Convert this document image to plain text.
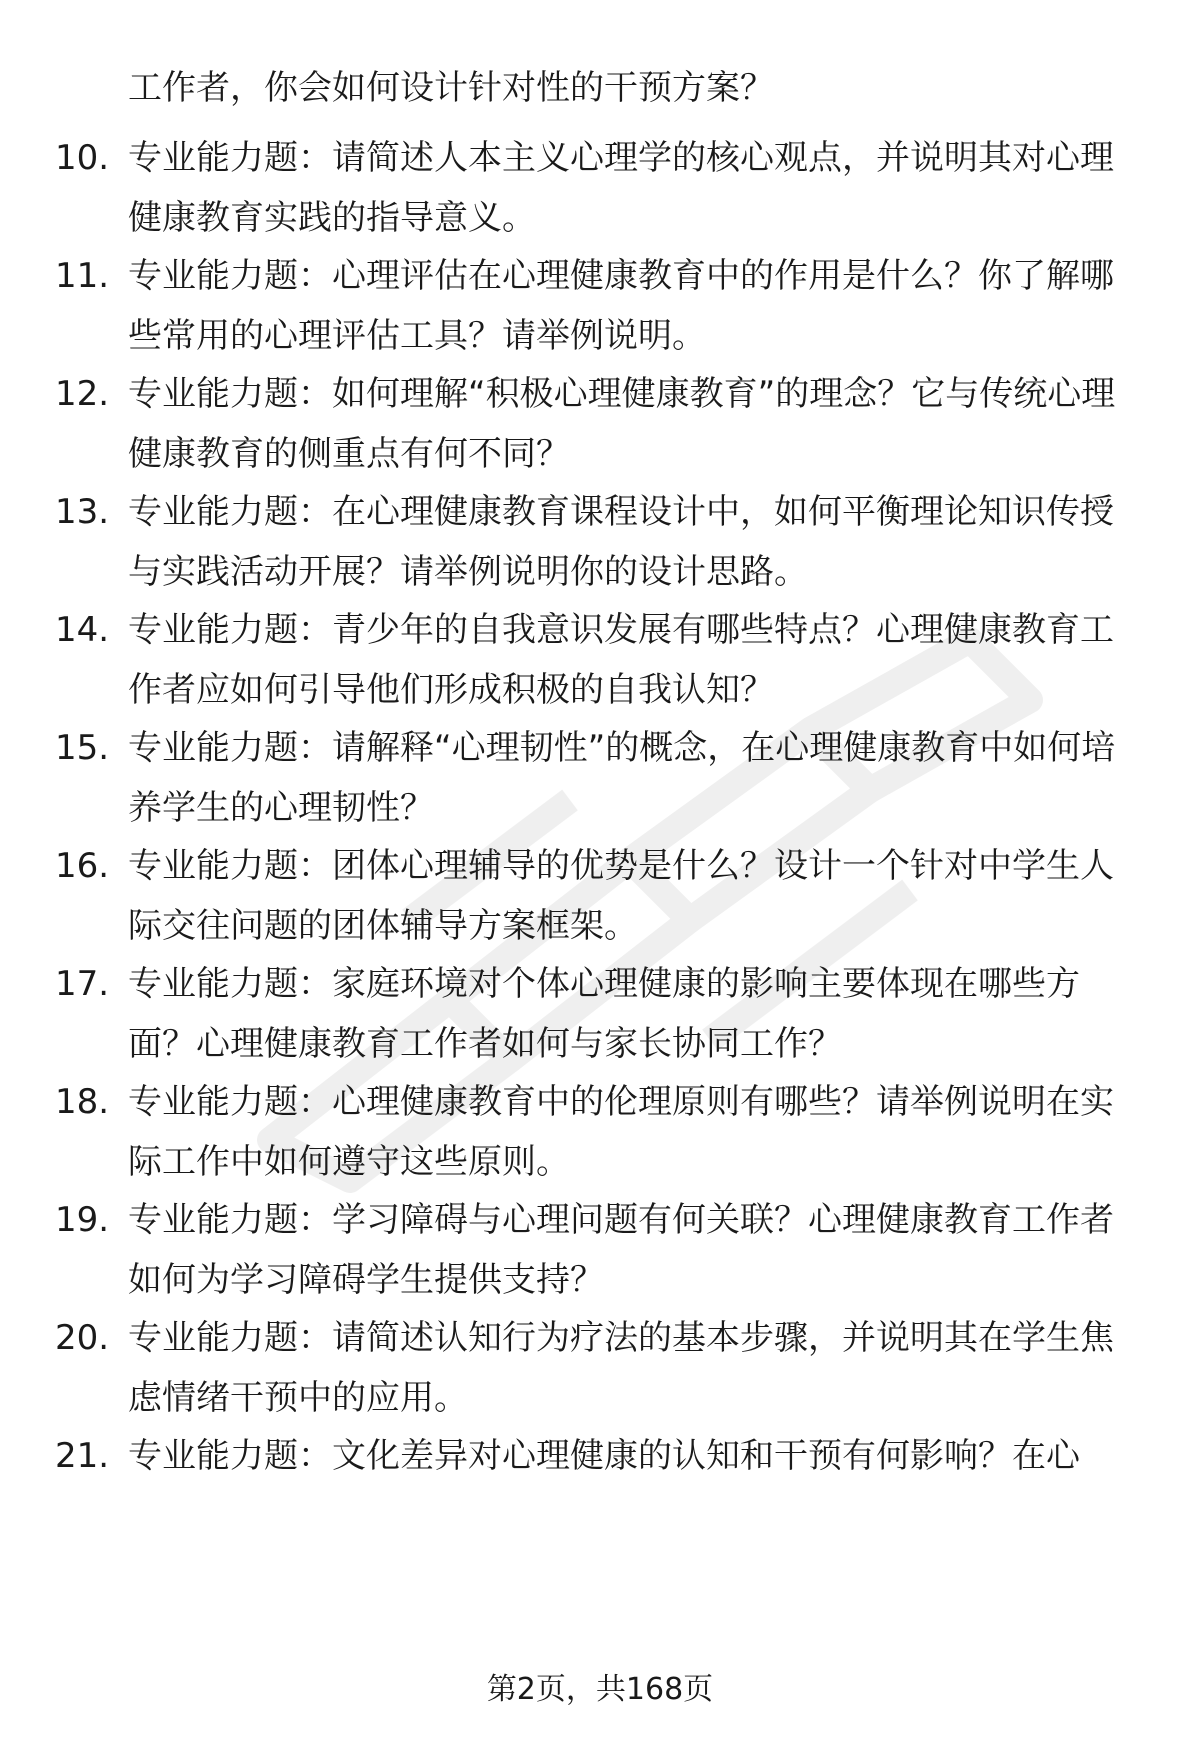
工作者，你会如何设计针对性的干预方案？
10. 专业能力题：请简述人本主义心理学的核心观点，并说明其对心理健康教育实践的指导意义。
11. 专业能力题：心理评估在心理健康教育中的作用是什么？你了解哪些常用的心理评估工具？请举例说明。
12. 专业能力题：如何理解“积极心理健康教育”的理念？它与传统心理健康教育的侧重点有何不同？
13. 专业能力题：在心理健康教育课程设计中，如何平衡理论知识传授与实践活动开展？请举例说明你的设计思路。
14. 专业能力题：青少年的自我意识发展有哪些特点？心理健康教育工作者应如何引导他们形成积极的自我认知？
15. 专业能力题：请解释“心理韧性”的概念，在心理健康教育中如何培养学生的心理韧性？
16. 专业能力题：团体心理辅导的优势是什么？设计一个针对中学生人际交往问题的团体辅导方案框架。
17. 专业能力题：家庭环境对个体心理健康的影响主要体现在哪些方面？心理健康教育工作者如何与家长协同工作？
18. 专业能力题：心理健康教育中的伦理原则有哪些？请举例说明在实际工作中如何遵守这些原则。
19. 专业能力题：学习障碍与心理问题有何关联？心理健康教育工作者如何为学习障碍学生提供支持？
20. 专业能力题：请简述认知行为疗法的基本步骤，并说明其在学生焦虑情绪干预中的应用。
21. 专业能力题：文化差异对心理健康的认知和干预有何影响？在心
第2页，共168页
